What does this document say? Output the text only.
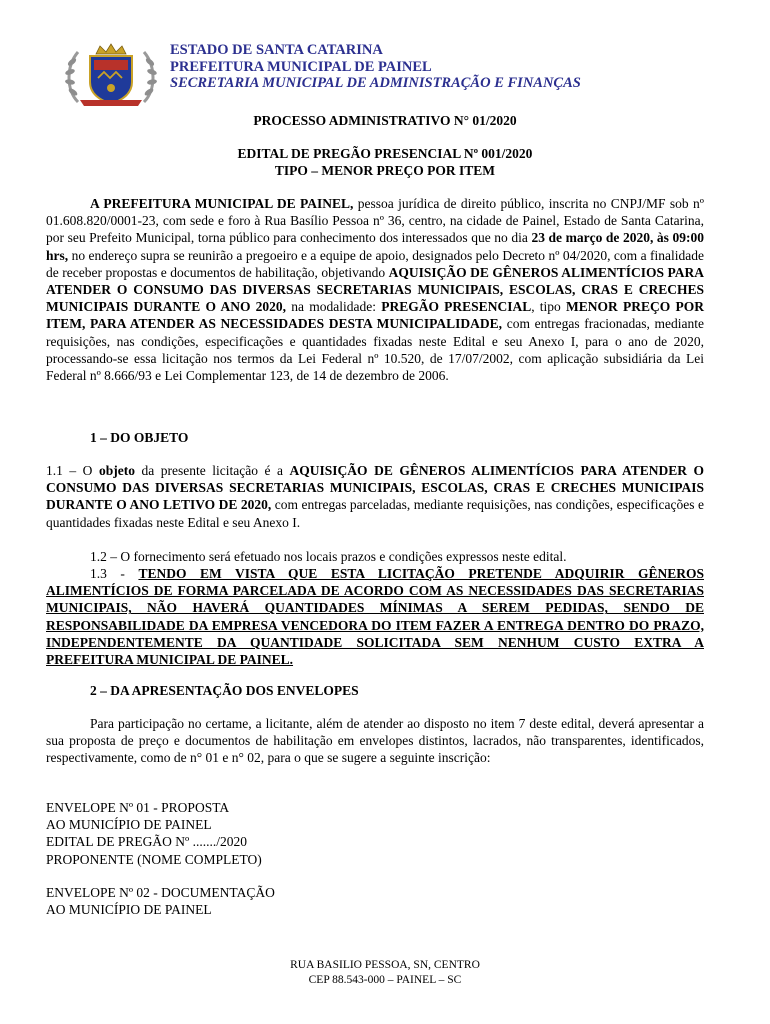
ESTADO DE SANTA CATARINA
PREFEITURA MUNICIPAL DE PAINEL
SECRETARIA MUNICIPAL DE ADMINISTRAÇÃO E FINANÇAS
PROCESSO ADMINISTRATIVO N° 01/2020
EDITAL DE PREGÃO PRESENCIAL Nº 001/2020
TIPO – MENOR PREÇO POR ITEM

A PREFEITURA MUNICIPAL DE PAINEL, pessoa jurídica de direito público, inscrita no CNPJ/MF sob nº 01.608.820/0001-23, com sede e foro à Rua Basílio Pessoa nº 36, centro, na cidade de Painel, Estado de Santa Catarina, por seu Prefeito Municipal, torna público para conhecimento dos interessados que no dia 23 de março de 2020, às 09:00 hrs, no endereço supra se reunirão a pregoeiro e a equipe de apoio, designados pelo Decreto nº 04/2020, com a finalidade de receber propostas e documentos de habilitação, objetivando AQUISIÇÃO DE GÊNEROS ALIMENTÍCIOS PARA ATENDER O CONSUMO DAS DIVERSAS SECRETARIAS MUNICIPAIS, ESCOLAS, CRAS E CRECHES MUNICIPAIS DURANTE O ANO 2020, na modalidade: PREGÃO PRESENCIAL, tipo MENOR PREÇO POR ITEM, PARA ATENDER AS NECESSIDADES DESTA MUNICIPALIDADE, com entregas fracionadas, mediante requisições, nas condições, especificações e quantidades fixadas neste Edital e seu Anexo I, para o ano de 2020, processando-se essa licitação nos termos da Lei Federal nº 10.520, de 17/07/2002, com aplicação subsidiária da Lei Federal nº 8.666/93 e Lei Complementar 123, de 14 de dezembro de 2006.

1 – DO OBJETO

1.1 – O objeto da presente licitação é a AQUISIÇÃO DE GÊNEROS ALIMENTÍCIOS PARA ATENDER O CONSUMO DAS DIVERSAS SECRETARIAS MUNICIPAIS, ESCOLAS, CRAS E CRECHES MUNICIPAIS DURANTE O ANO LETIVO DE 2020, com entregas parceladas, mediante requisições, nas condições, especificações e quantidades fixadas neste Edital e seu Anexo I.

1.2 – O fornecimento será efetuado nos locais prazos e condições expressos neste edital.

1.3 - TENDO EM VISTA QUE ESTA LICITAÇÃO PRETENDE ADQUIRIR GÊNEROS ALIMENTÍCIOS DE FORMA PARCELADA DE ACORDO COM AS NECESSIDADES DAS SECRETARIAS MUNICIPAIS, NÃO HAVERÁ QUANTIDADES MÍNIMAS A SEREM PEDIDAS, SENDO DE RESPONSABILIDADE DA EMPRESA VENCEDORA DO ITEM FAZER A ENTREGA DENTRO DO PRAZO, INDEPENDENTEMENTE DA QUANTIDADE SOLICITADA SEM NENHUM CUSTO EXTRA A PREFEITURA MUNICIPAL DE PAINEL.

2 – DA APRESENTAÇÃO DOS ENVELOPES

Para participação no certame, a licitante, além de atender ao disposto no item 7 deste edital, deverá apresentar a sua proposta de preço e documentos de habilitação em envelopes distintos, lacrados, não transparentes, identificados, respectivamente, como de n° 01 e n° 02, para o que se sugere a seguinte inscrição:

ENVELOPE Nº 01 - PROPOSTA
AO MUNICÍPIO DE PAINEL
EDITAL DE PREGÃO Nº ......./2020
PROPONENTE (NOME COMPLETO)
ENVELOPE Nº 02 - DOCUMENTAÇÃO
AO MUNICÍPIO DE PAINEL
RUA BASILIO PESSOA, SN, CENTRO
CEP 88.543-000 – PAINEL – SC
